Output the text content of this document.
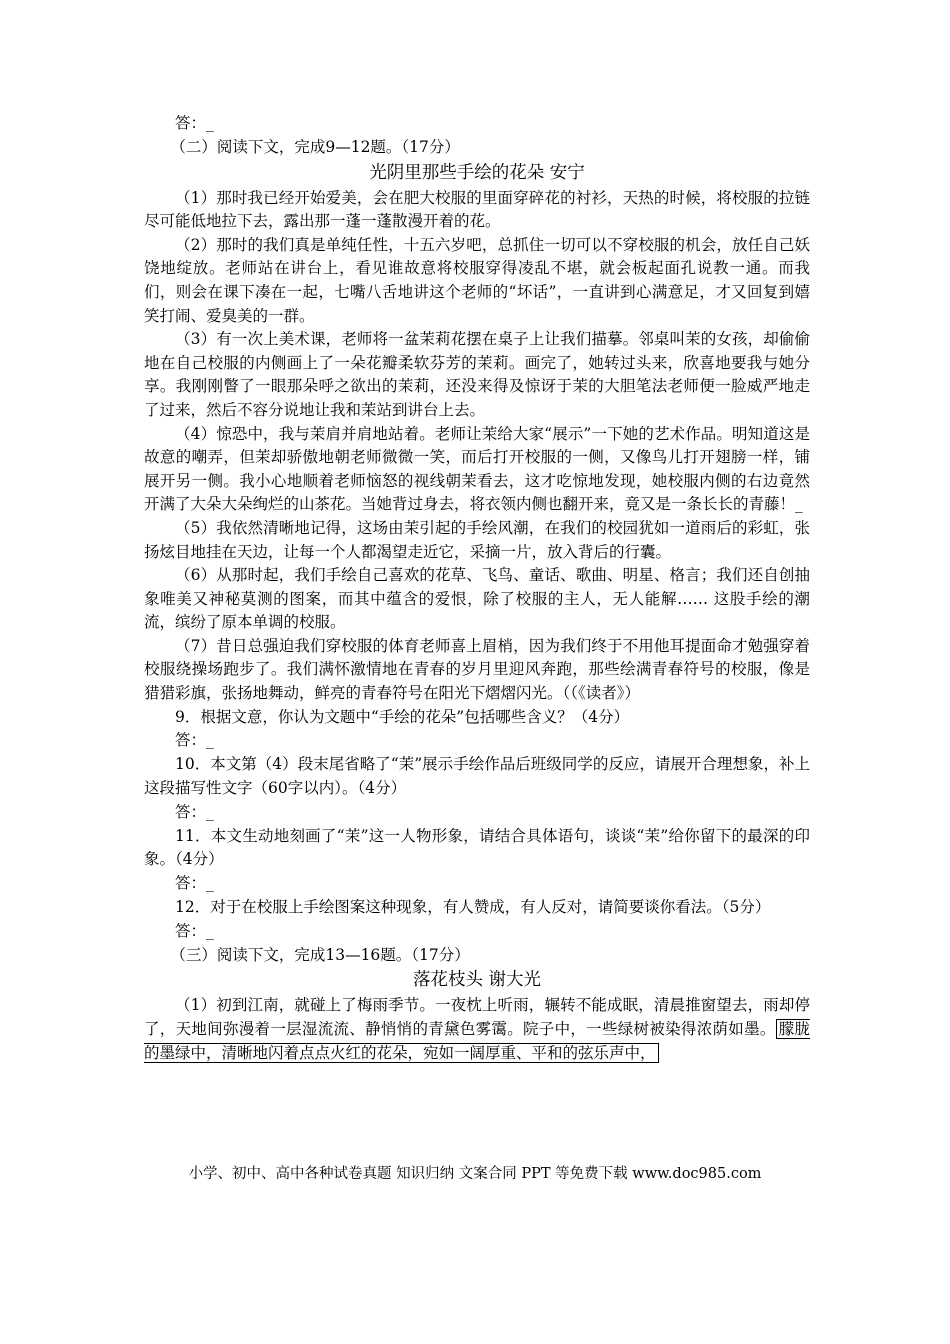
答：_
（二）阅读下文，完成9—12题。（17分）
光阴里那些手绘的花朵 安宁
（1）那时我已经开始爱美，会在肥大校服的里面穿碎花的衬衫，天热的时候，将校服的拉链尽可能低地拉下去，露出那一蓬一蓬散漫开着的花。
（2）那时的我们真是单纯任性，十五六岁吧，总抓住一切可以不穿校服的机会，放任自己妖饶地绽放。老师站在讲台上，看见谁故意将校服穿得凌乱不堪，就会板起面孔说教一通。而我们，则会在课下凑在一起，七嘴八舌地讲这个老师的“坏话”，一直讲到心满意足，才又回复到嬉笑打闹、爱臭美的一群。
（3）有一次上美术课，老师将一盆茉莉花摆在桌子上让我们描摹。邻桌叫茉的女孩，却偷偷地在自己校服的内侧画上了一朵花瓣柔软芬芳的茉莉。画完了，她转过头来，欣喜地要我与她分享。我刚刚瞥了一眼那朵呼之欲出的茉莉，还没来得及惊讶于茉的大胆笔法老师便一脸威严地走了过来，然后不容分说地让我和茉站到讲台上去。
（4）惊恐中，我与茉肩并肩地站着。老师让茉给大家“展示”一下她的艺术作品。明知道这是故意的嘲弄，但茉却骄傲地朝老师微微一笑，而后打开校服的一侧，又像鸟儿打开翅膀一样，铺展开另一侧。我小心地顺着老师恼怒的视线朝茉看去，这才吃惊地发现，她校服内侧的右边竟然开满了大朵大朵绚烂的山茶花。当她背过身去，将衣领内侧也翻开来，竟又是一条长长的青藤！_
（5）我依然清晰地记得，这场由茉引起的手绘风潮，在我们的校园犹如一道雨后的彩虹，张扬炫目地挂在天边，让每一个人都渴望走近它，采摘一片，放入背后的行囊。
（6）从那时起，我们手绘自己喜欢的花草、飞鸟、童话、歌曲、明星、格言；我们还自创抽象唯美又神秘莫测的图案，而其中蕴含的爱恨，除了校服的主人，无人能解…… 这股手绘的潮流，缤纷了原本单调的校服。
（7）昔日总强迫我们穿校服的体育老师喜上眉梢，因为我们终于不用他耳提面命才勉强穿着校服绕操场跑步了。我们满怀激情地在青春的岁月里迎风奔跑，那些绘满青春符号的校服，像是猎猎彩旗，张扬地舞动，鲜亮的青春符号在阳光下熠熠闪光。（（《读者》）
9．根据文意，你认为文题中“手绘的花朵”包括哪些含义？（4分）
答：_
10．本文第（4）段末尾省略了“茉”展示手绘作品后班级同学的反应，请展开合理想象，补上这段描写性文字（60字以内）。（4分）
答：_
11．本文生动地刻画了“茉”这一人物形象，请结合具体语句，谈谈“茉”给你留下的最深的印象。（4分）
答：_
12．对于在校服上手绘图案这种现象，有人赞成，有人反对，请简要谈你看法。（5分）
答：_
（三）阅读下文，完成13—16题。（17分）
落花枝头 谢大光
（1）初到江南，就碰上了梅雨季节。一夜枕上听雨，辗转不能成眠，清晨推窗望去，雨却停了，天地间弥漫着一层湿流流、静悄悄的青黛色雾霭。院子中，一些绿树被染得浓荫如墨。 朦胧的墨绿中，清晰地闪着点点火红的花朵，宛如一阔厚重、平和的弦乐声中，
小学、初中、高中各种试卷真题 知识归纳 文案合同 PPT 等免费下载 www.doc985.com
